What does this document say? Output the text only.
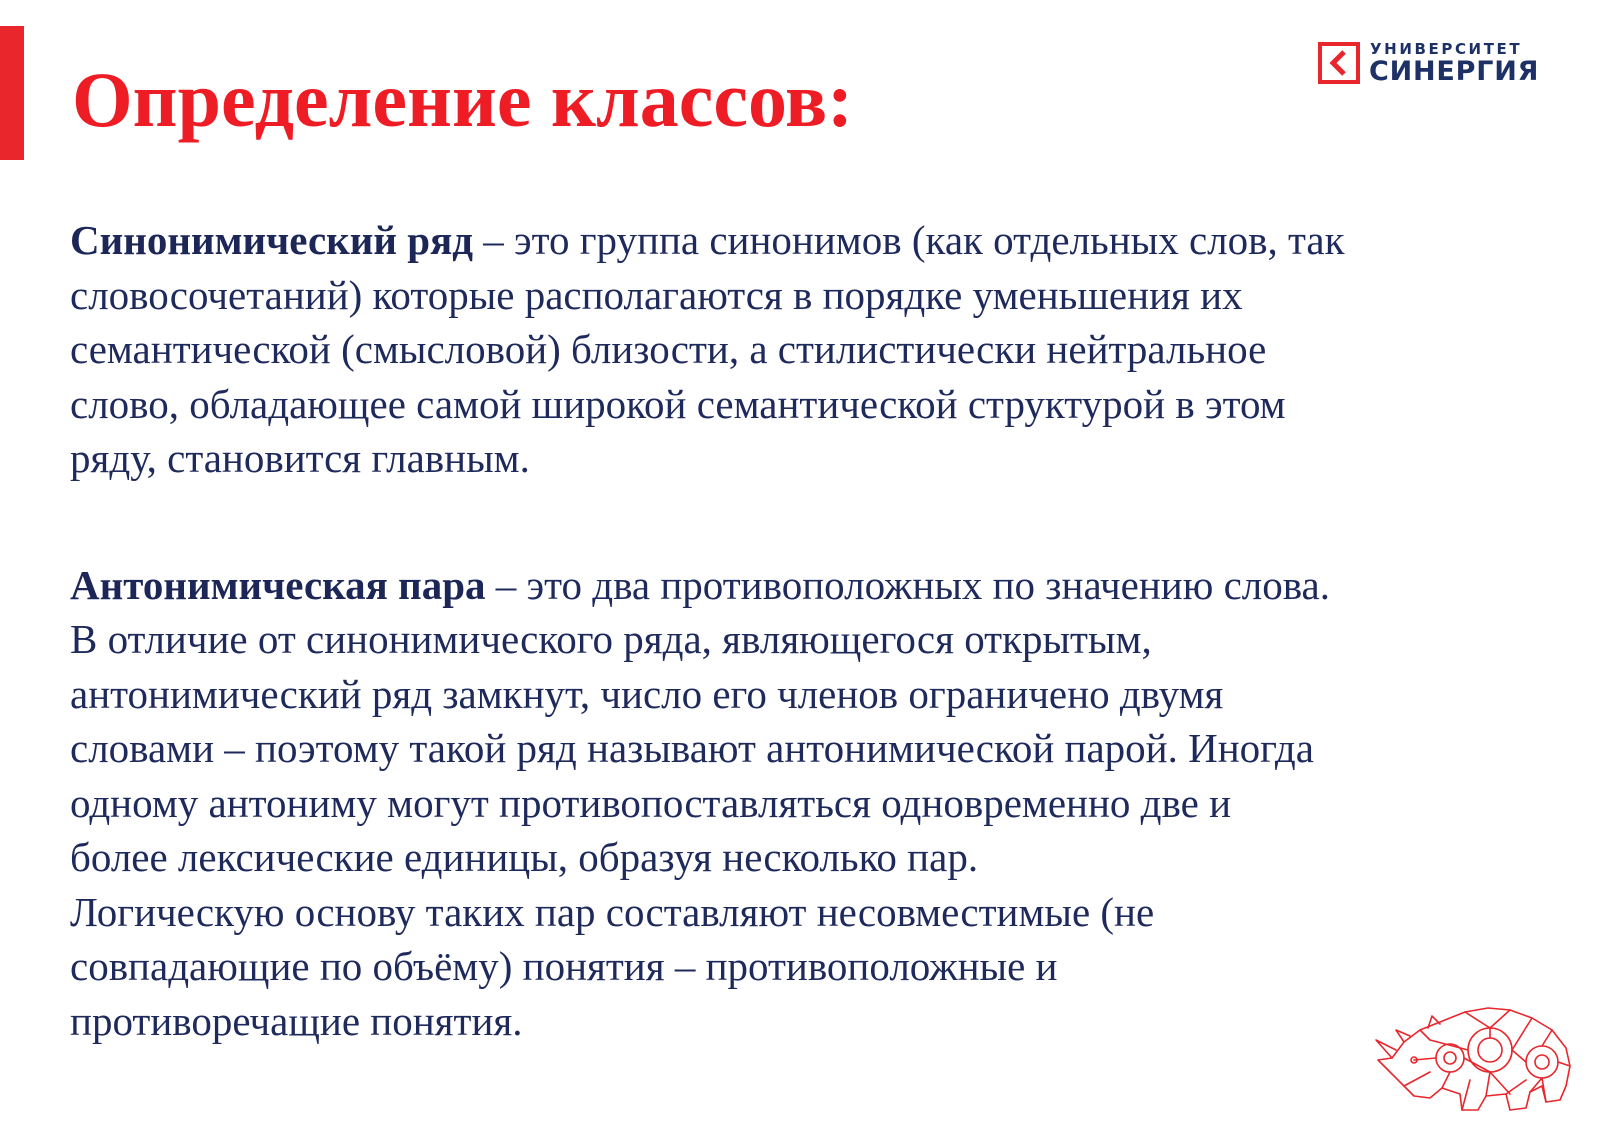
Определение классов:
УНИВЕРСИТЕТ
СИНЕРГИЯ

Синонимический ряд – это группа синонимов (как отдельных слов, так
словосочетаний) которые располагаются в порядке уменьшения их
семантической (смысловой) близости, а стилистически нейтральное
слово, обладающее самой широкой семантической структурой в этом
ряду, становится главным.

Антонимическая пара – это два противоположных по значению слова.
В отличие от синонимического ряда, являющегося открытым,
антонимический ряд замкнут, число его членов ограничено двумя
словами – поэтому такой ряд называют антонимической парой. Иногда
одному антониму могут противопоставляться одновременно две и
более лексические единицы, образуя несколько пар.
Логическую основу таких пар составляют несовместимые (не
совпадающие по объёму) понятия – противоположные и
противоречащие понятия.
